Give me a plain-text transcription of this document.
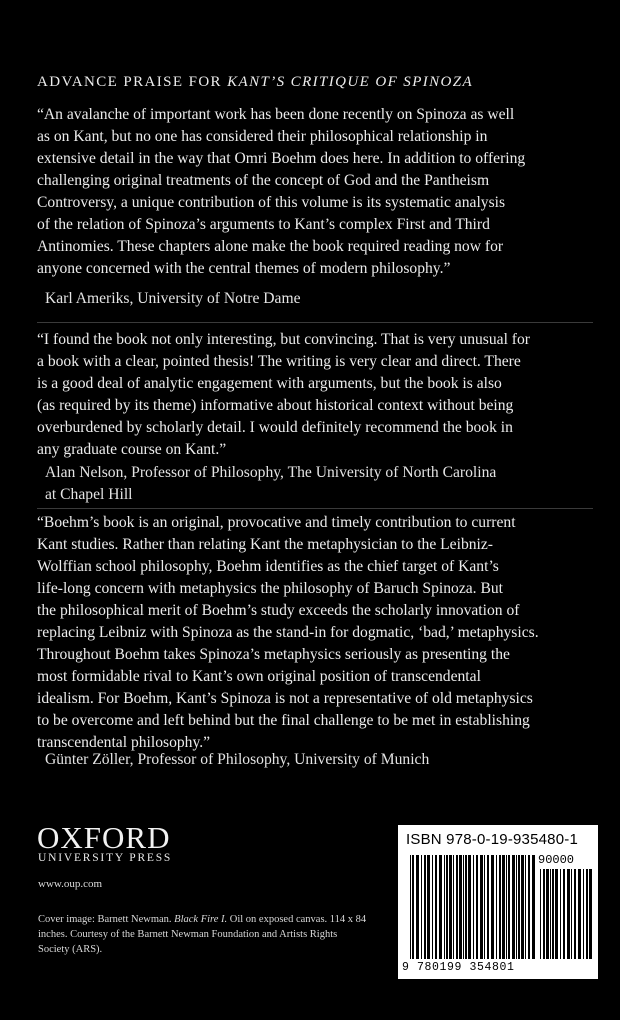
ADVANCE PRAISE FOR KANT’S CRITIQUE OF SPINOZA
“An avalanche of important work has been done recently on Spinoza as well
as on Kant, but no one has considered their philosophical relationship in
extensive detail in the way that Omri Boehm does here. In addition to offering
challenging original treatments of the concept of God and the Pantheism
Controversy, a unique contribution of this volume is its systematic analysis
of the relation of Spinoza’s arguments to Kant’s complex First and Third
Antinomies. These chapters alone make the book required reading now for
anyone concerned with the central themes of modern philosophy.”
Karl Ameriks, University of Notre Dame
“I found the book not only interesting, but convincing. That is very unusual for
a book with a clear, pointed thesis! The writing is very clear and direct. There
is a good deal of analytic engagement with arguments, but the book is also
(as required by its theme) informative about historical context without being
overburdened by scholarly detail. I would definitely recommend the book in
any graduate course on Kant.”
Alan Nelson, Professor of Philosophy, The University of North Carolina
at Chapel Hill
“Boehm’s book is an original, provocative and timely contribution to current
Kant studies. Rather than relating Kant the metaphysician to the Leibniz-
Wolffian school philosophy, Boehm identifies as the chief target of Kant’s
life-long concern with metaphysics the philosophy of Baruch Spinoza. But
the philosophical merit of Boehm’s study exceeds the scholarly innovation of
replacing Leibniz with Spinoza as the stand-in for dogmatic, ‘bad,’ metaphysics.
Throughout Boehm takes Spinoza’s metaphysics seriously as presenting the
most formidable rival to Kant’s own original position of transcendental
idealism. For Boehm, Kant’s Spinoza is not a representative of old metaphysics
to be overcome and left behind but the final challenge to be met in establishing
transcendental philosophy.”
Günter Zöller, Professor of Philosophy, University of Munich
OXFORD
UNIVERSITY PRESS
www.oup.com
Cover image: Barnett Newman. Black Fire I. Oil on exposed canvas. 114 x 84 inches. Courtesy of the Barnett Newman Foundation and Artists Rights Society (ARS).
ISBN 978-0-19-935480-1
90000
9 780199 354801
